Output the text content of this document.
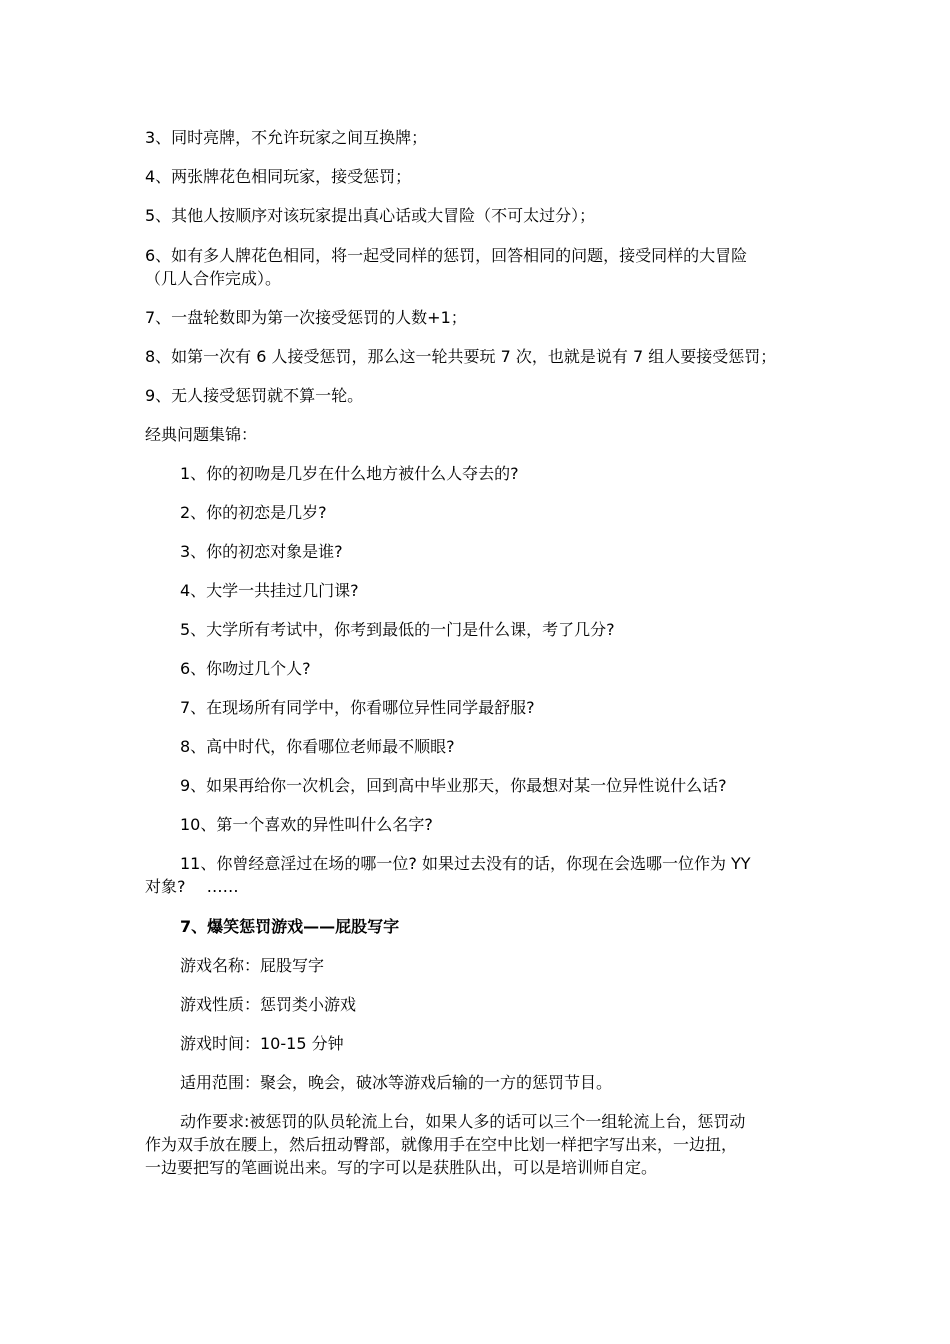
3、同时亮牌，不允许玩家之间互换牌；
4、两张牌花色相同玩家，接受惩罚；
5、其他人按顺序对该玩家提出真心话或大冒险（不可太过分）；
6、如有多人牌花色相同，将一起受同样的惩罚，回答相同的问题，接受同样的大冒险
（几人合作完成）。
7、一盘轮数即为第一次接受惩罚的人数+1；
8、如第一次有 6 人接受惩罚，那么这一轮共要玩 7 次，也就是说有 7 组人要接受惩罚；
9、无人接受惩罚就不算一轮。
经典问题集锦：
1、你的初吻是几岁在什么地方被什么人夺去的?
2、你的初恋是几岁?
3、你的初恋对象是谁?
4、大学一共挂过几门课?
5、大学所有考试中，你考到最低的一门是什么课，考了几分?
6、你吻过几个人?
7、在现场所有同学中，你看哪位异性同学最舒服?
8、高中时代，你看哪位老师最不顺眼?
9、如果再给你一次机会，回到高中毕业那天，你最想对某一位异性说什么话?
10、第一个喜欢的异性叫什么名字?
11、你曾经意淫过在场的哪一位? 如果过去没有的话，你现在会选哪一位作为 YY
对象?　 ……
7、爆笑惩罚游戏——屁股写字
游戏名称：屁股写字
游戏性质：惩罚类小游戏
游戏时间：10-15 分钟
适用范围：聚会，晚会，破冰等游戏后输的一方的惩罚节目。
动作要求:被惩罚的队员轮流上台，如果人多的话可以三个一组轮流上台，惩罚动
作为双手放在腰上，然后扭动臀部，就像用手在空中比划一样把字写出来，一边扭，
一边要把写的笔画说出来。写的字可以是获胜队出，可以是培训师自定。
